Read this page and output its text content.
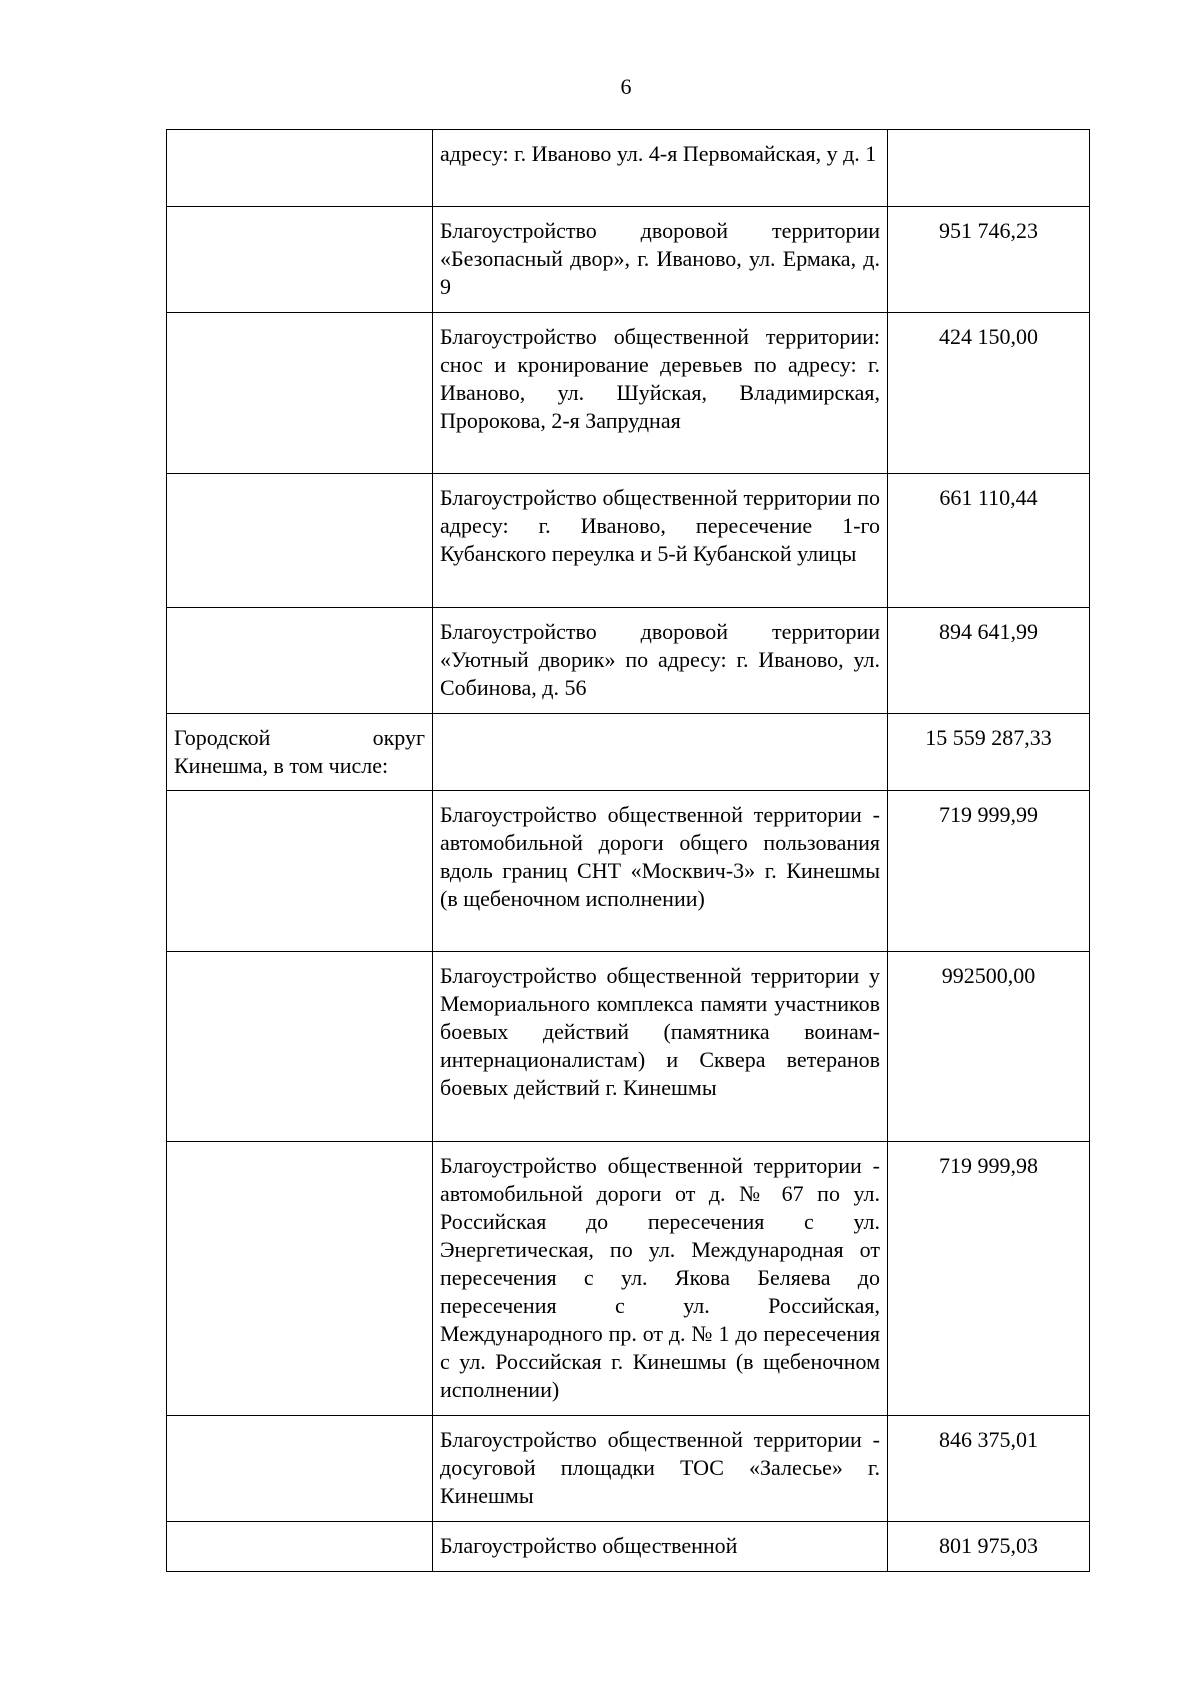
6
	адресу: г. Иваново ул. 4-я Первомайская, у д. 1	
	Благоустройство дворовой территории «Безопасный двор», г. Иваново, ул. Ермака, д. 9	951 746,23
	Благоустройство общественной территории: снос и кронирование деревьев по адресу: г. Иваново, ул. Шуйская, Владимирская, Пророкова, 2-я Запрудная	424 150,00
	Благоустройство общественной территории по адресу: г. Иваново, пересечение 1-го Кубанского переулка и 5-й Кубанской улицы	661 110,44
	Благоустройство дворовой территории «Уютный дворик» по адресу: г. Иваново, ул. Собинова, д. 56	894 641,99
Городской округ Кинешма, в том числе:		15 559 287,33
	Благоустройство общественной территории - автомобильной дороги общего пользования вдоль границ СНТ «Москвич-3» г. Кинешмы (в щебеночном исполнении)	719 999,99
	Благоустройство общественной территории у Мемориального комплекса памяти участников боевых действий (памятника воинам-интернационалистам) и Сквера ветеранов боевых действий г. Кинешмы	992500,00
	Благоустройство общественной территории - автомобильной дороги от д. № 67 по ул. Российская до пересечения с ул. Энергетическая, по ул. Международная от пересечения с ул. Якова Беляева до пересечения с ул. Российская, Международного пр. от д. № 1 до пересечения с ул. Российская г. Кинешмы (в щебеночном исполнении)	719 999,98
	Благоустройство общественной территории - досуговой площадки ТОС «Залесье» г. Кинешмы	846 375,01
	Благоустройство общественной	801 975,03
